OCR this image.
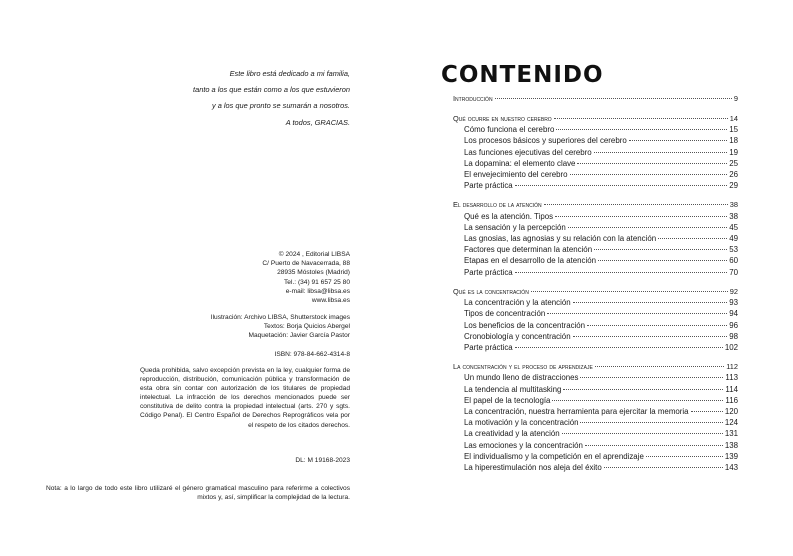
Este libro está dedicado a mi familia,
tanto a los que están como a los que estuvieron
y a los que pronto se sumarán a nosotros.
A todos, GRACIAS.
© 2024 , Editorial LIBSA
C/ Puerto de Navacerrada, 88
28935 Móstoles (Madrid)
Tel.: (34) 91 657 25 80
e-mail: libsa@libsa.es
www.libsa.es
Ilustración: Archivo LIBSA, Shutterstock images
Textos: Borja Quicios Abergel
Maquetación: Javier García Pastor
ISBN: 978-84-662-4314-8
Queda prohibida, salvo excepción prevista en la ley, cualquier forma de reproducción, distribución, comunicación pública y transformación de esta obra sin contar con autorización de los titulares de propiedad intelectual. La infracción de los derechos mencionados puede ser constitutiva de delito contra la propiedad intelectual (arts. 270 y sgts. Código Penal). El Centro Español de Derechos Reprográficos vela por el respeto de los citados derechos.
DL: M 19168-2023
Nota: a lo largo de todo este libro utilizaré el género gramatical masculino para referirme a colectivos mixtos y, así, simplificar la complejidad de la lectura.
CONTENIDO
Introducción	9
Qué ocurre en nuestro cerebro	14
Cómo funciona el cerebro	15
Los procesos básicos y superiores del cerebro	18
Las funciones ejecutivas del cerebro	19
La dopamina: el elemento clave	25
El envejecimiento del cerebro	26
Parte práctica	29
El desarrollo de la atención	38
Qué es la atención. Tipos	38
La sensación y la percepción	45
Las gnosias, las agnosias y su relación con la atención	49
Factores que determinan la atención	53
Etapas en el desarrollo de la atención	60
Parte práctica	70
Qué es la concentración	92
La concentración y la atención	93
Tipos de concentración	94
Los beneficios de la concentración	96
Cronobiología y concentración	98
Parte práctica	102
La concentración y el proceso de aprendizaje	112
Un mundo lleno de distracciones	113
La tendencia al multitasking	114
El papel de la tecnología	116
La concentración, nuestra herramienta para ejercitar la memoria	120
La motivación y la concentración	124
La creatividad y la atención	131
Las emociones y la concentración	138
El individualismo y la competición en el aprendizaje	139
La hiperestimulación nos aleja del éxito	143
